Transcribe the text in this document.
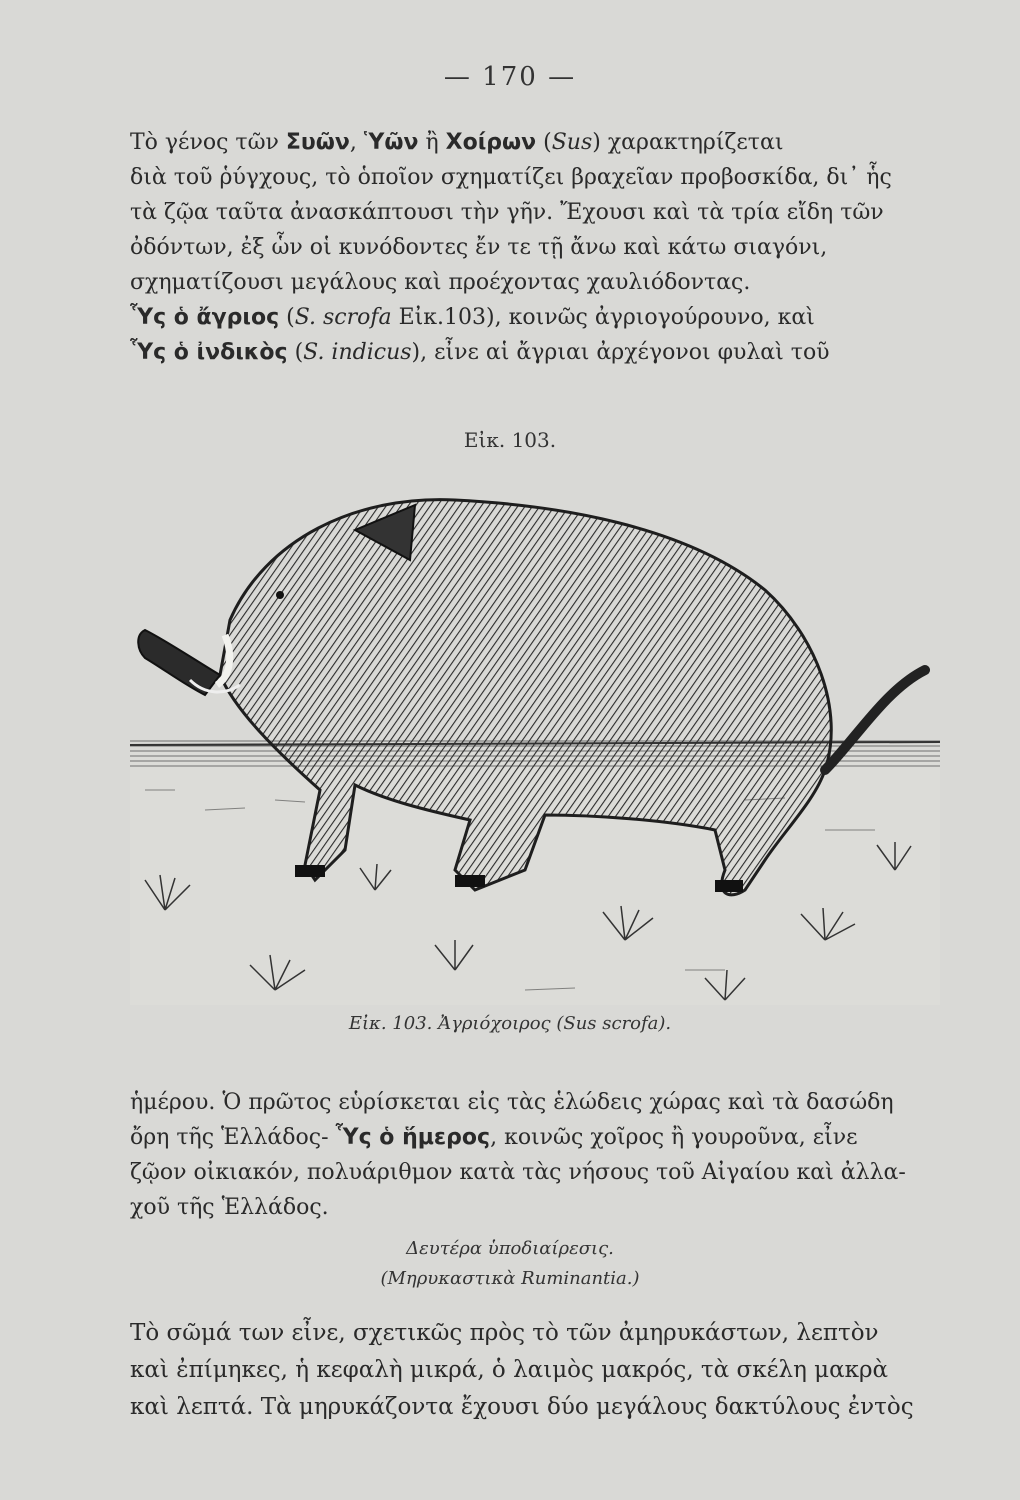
— 170 —
Τὸ γένος τῶν Συῶν, Ὑῶν ἢ Χοίρων (Sus) χαρακτηρίζεται
διὰ τοῦ ῥύγχους, τὸ ὁποῖον σχηματίζει βραχεῖαν προβοσκίδα, δι᾽ ἧς
τὰ ζῷα ταῦτα ἀνασκάπτουσι τὴν γῆν. Ἔχουσι καὶ τὰ τρία εἴδη τῶν
ὀδόντων, ἐξ ὧν οἱ κυνόδοντες ἔν τε τῇ ἄνω καὶ κάτω σιαγόνι,
σχηματίζουσι μεγάλους καὶ προέχοντας χαυλιόδοντας.
Ὗς ὁ ἄγριος (S. scrofa Εἰκ.103), κοινῶς ἀγριογούρουνο, καὶ
Ὗς ὁ ἰνδικὸς (S. indicus), εἶνε αἱ ἄγριαι ἀρχέγονοι φυλαὶ τοῦ
Εἰκ. 103.
Εἰκ. 103. Ἀγριόχοιρος (Sus scrofa).
ἡμέρου. Ὁ πρῶτος εὑρίσκεται εἰς τὰς ἑλώδεις χώρας καὶ τὰ δασώδη
ὄρη τῆς Ἑλλάδος- Ὗς ὁ ἥμερος, κοινῶς χοῖρος ἢ γουροῦνα, εἶνε
ζῷον οἰκιακόν, πολυάριθμον κατὰ τὰς νήσους τοῦ Αἰγαίου καὶ ἀλλα-
χοῦ τῆς Ἑλλάδος.
Δευτέρα ὑποδιαίρεσις.
(Μηρυκαστικὰ Ruminantia.)
Τὸ σῶμά των εἶνε, σχετικῶς πρὸς τὸ τῶν ἀμηρυκάστων, λεπτὸν
καὶ ἐπίμηκες, ἡ κεφαλὴ μικρά, ὁ λαιμὸς μακρός, τὰ σκέλη μακρὰ
καὶ λεπτά. Τὰ μηρυκάζοντα ἔχουσι δύο μεγάλους δακτύλους ἐντὸς
